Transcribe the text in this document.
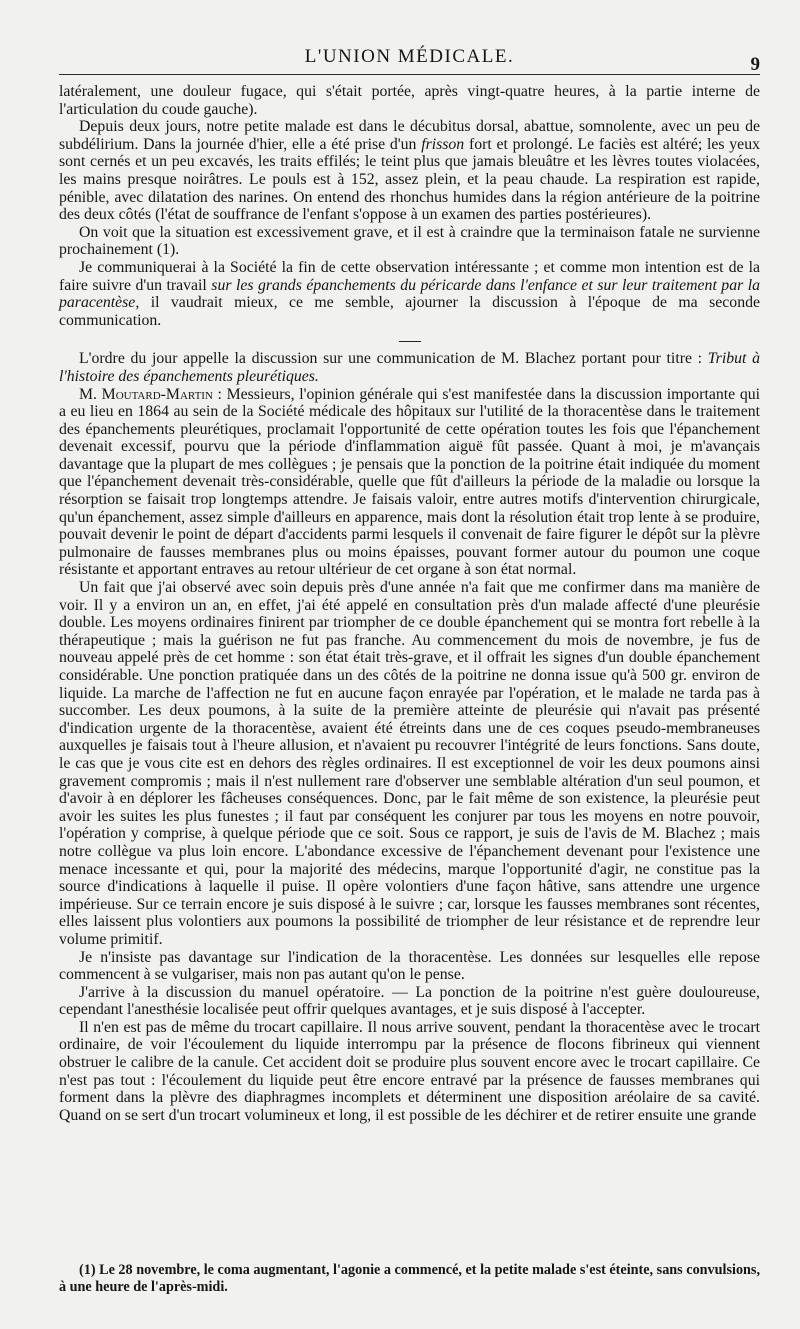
L'UNION MÉDICALE.	9

latéralement, une douleur fugace, qui s'était portée, après vingt-quatre heures, à la partie interne de l'articulation du coude gauche).

Depuis deux jours, notre petite malade est dans le décubitus dorsal, abattue, somnolente, avec un peu de subdélirium. Dans la journée d'hier, elle a été prise d'un frisson fort et prolongé. Le faciès est altéré; les yeux sont cernés et un peu excavés, les traits effilés; le teint plus que jamais bleuâtre et les lèvres toutes violacées, les mains presque noirâtres. Le pouls est à 152, assez plein, et la peau chaude. La respiration est rapide, pénible, avec dilatation des narines. On entend des rhonchus humides dans la région antérieure de la poitrine des deux côtés (l'état de souffrance de l'enfant s'oppose à un examen des parties postérieures).

On voit que la situation est excessivement grave, et il est à craindre que la terminaison fatale ne survienne prochainement (1).

Je communiquerai à la Société la fin de cette observation intéressante ; et comme mon intention est de la faire suivre d'un travail sur les grands épanchements du péricarde dans l'enfance et sur leur traitement par la paracentèse, il vaudrait mieux, ce me semble, ajourner la discussion à l'époque de ma seconde communication.

L'ordre du jour appelle la discussion sur une communication de M. Blachez portant pour titre : Tribut à l'histoire des épanchements pleurétiques.

M. Moutard-Martin : Messieurs, l'opinion générale qui s'est manifestée dans la discussion importante qui a eu lieu en 1864 au sein de la Société médicale des hôpitaux sur l'utilité de la thoracentèse dans le traitement des épanchements pleurétiques, proclamait l'opportunité de cette opération toutes les fois que l'épanchement devenait excessif, pourvu que la période d'inflammation aiguë fût passée. Quant à moi, je m'avançais davantage que la plupart de mes collègues ; je pensais que la ponction de la poitrine était indiquée du moment que l'épanchement devenait très-considérable, quelle que fût d'ailleurs la période de la maladie ou lorsque la résorption se faisait trop longtemps attendre. Je faisais valoir, entre autres motifs d'intervention chirurgicale, qu'un épanchement, assez simple d'ailleurs en apparence, mais dont la résolution était trop lente à se produire, pouvait devenir le point de départ d'accidents parmi lesquels il convenait de faire figurer le dépôt sur la plèvre pulmonaire de fausses membranes plus ou moins épaisses, pouvant former autour du poumon une coque résistante et apportant entraves au retour ultérieur de cet organe à son état normal.

Un fait que j'ai observé avec soin depuis près d'une année n'a fait que me confirmer dans ma manière de voir. Il y a environ un an, en effet, j'ai été appelé en consultation près d'un malade affecté d'une pleurésie double. Les moyens ordinaires finirent par triompher de ce double épanchement qui se montra fort rebelle à la thérapeutique ; mais la guérison ne fut pas franche. Au commencement du mois de novembre, je fus de nouveau appelé près de cet homme : son état était très-grave, et il offrait les signes d'un double épanchement considérable. Une ponction pratiquée dans un des côtés de la poitrine ne donna issue qu'à 500 gr. environ de liquide. La marche de l'affection ne fut en aucune façon enrayée par l'opération, et le malade ne tarda pas à succomber. Les deux poumons, à la suite de la première atteinte de pleurésie qui n'avait pas présenté d'indication urgente de la thoracentèse, avaient été étreints dans une de ces coques pseudo-membraneuses auxquelles je faisais tout à l'heure allusion, et n'avaient pu recouvrer l'intégrité de leurs fonctions. Sans doute, le cas que je vous cite est en dehors des règles ordinaires. Il est exceptionnel de voir les deux poumons ainsi gravement compromis ; mais il n'est nullement rare d'observer une semblable altération d'un seul poumon, et d'avoir à en déplorer les fâcheuses conséquences. Donc, par le fait même de son existence, la pleurésie peut avoir les suites les plus funestes ; il faut par conséquent les conjurer par tous les moyens en notre pouvoir, l'opération y comprise, à quelque période que ce soit. Sous ce rapport, je suis de l'avis de M. Blachez ; mais notre collègue va plus loin encore. L'abondance excessive de l'épanchement devenant pour l'existence une menace incessante et qui, pour la majorité des médecins, marque l'opportunité d'agir, ne constitue pas la source d'indications à laquelle il puise. Il opère volontiers d'une façon hâtive, sans attendre une urgence impérieuse. Sur ce terrain encore je suis disposé à le suivre ; car, lorsque les fausses membranes sont récentes, elles laissent plus volontiers aux poumons la possibilité de triompher de leur résistance et de reprendre leur volume primitif.

Je n'insiste pas davantage sur l'indication de la thoracentèse. Les données sur lesquelles elle repose commencent à se vulgariser, mais non pas autant qu'on le pense.

J'arrive à la discussion du manuel opératoire. — La ponction de la poitrine n'est guère douloureuse, cependant l'anesthésie localisée peut offrir quelques avantages, et je suis disposé à l'accepter.

Il n'en est pas de même du trocart capillaire. Il nous arrive souvent, pendant la thoracentèse avec le trocart ordinaire, de voir l'écoulement du liquide interrompu par la présence de flocons fibrineux qui viennent obstruer le calibre de la canule. Cet accident doit se produire plus souvent encore avec le trocart capillaire. Ce n'est pas tout : l'écoulement du liquide peut être encore entravé par la présence de fausses membranes qui forment dans la plèvre des diaphragmes incomplets et déterminent une disposition aréolaire de sa cavité. Quand on se sert d'un trocart volumineux et long, il est possible de les déchirer et de retirer ensuite une grande

(1) Le 28 novembre, le coma augmentant, l'agonie a commencé, et la petite malade s'est éteinte, sans convulsions, à une heure de l'après-midi.
